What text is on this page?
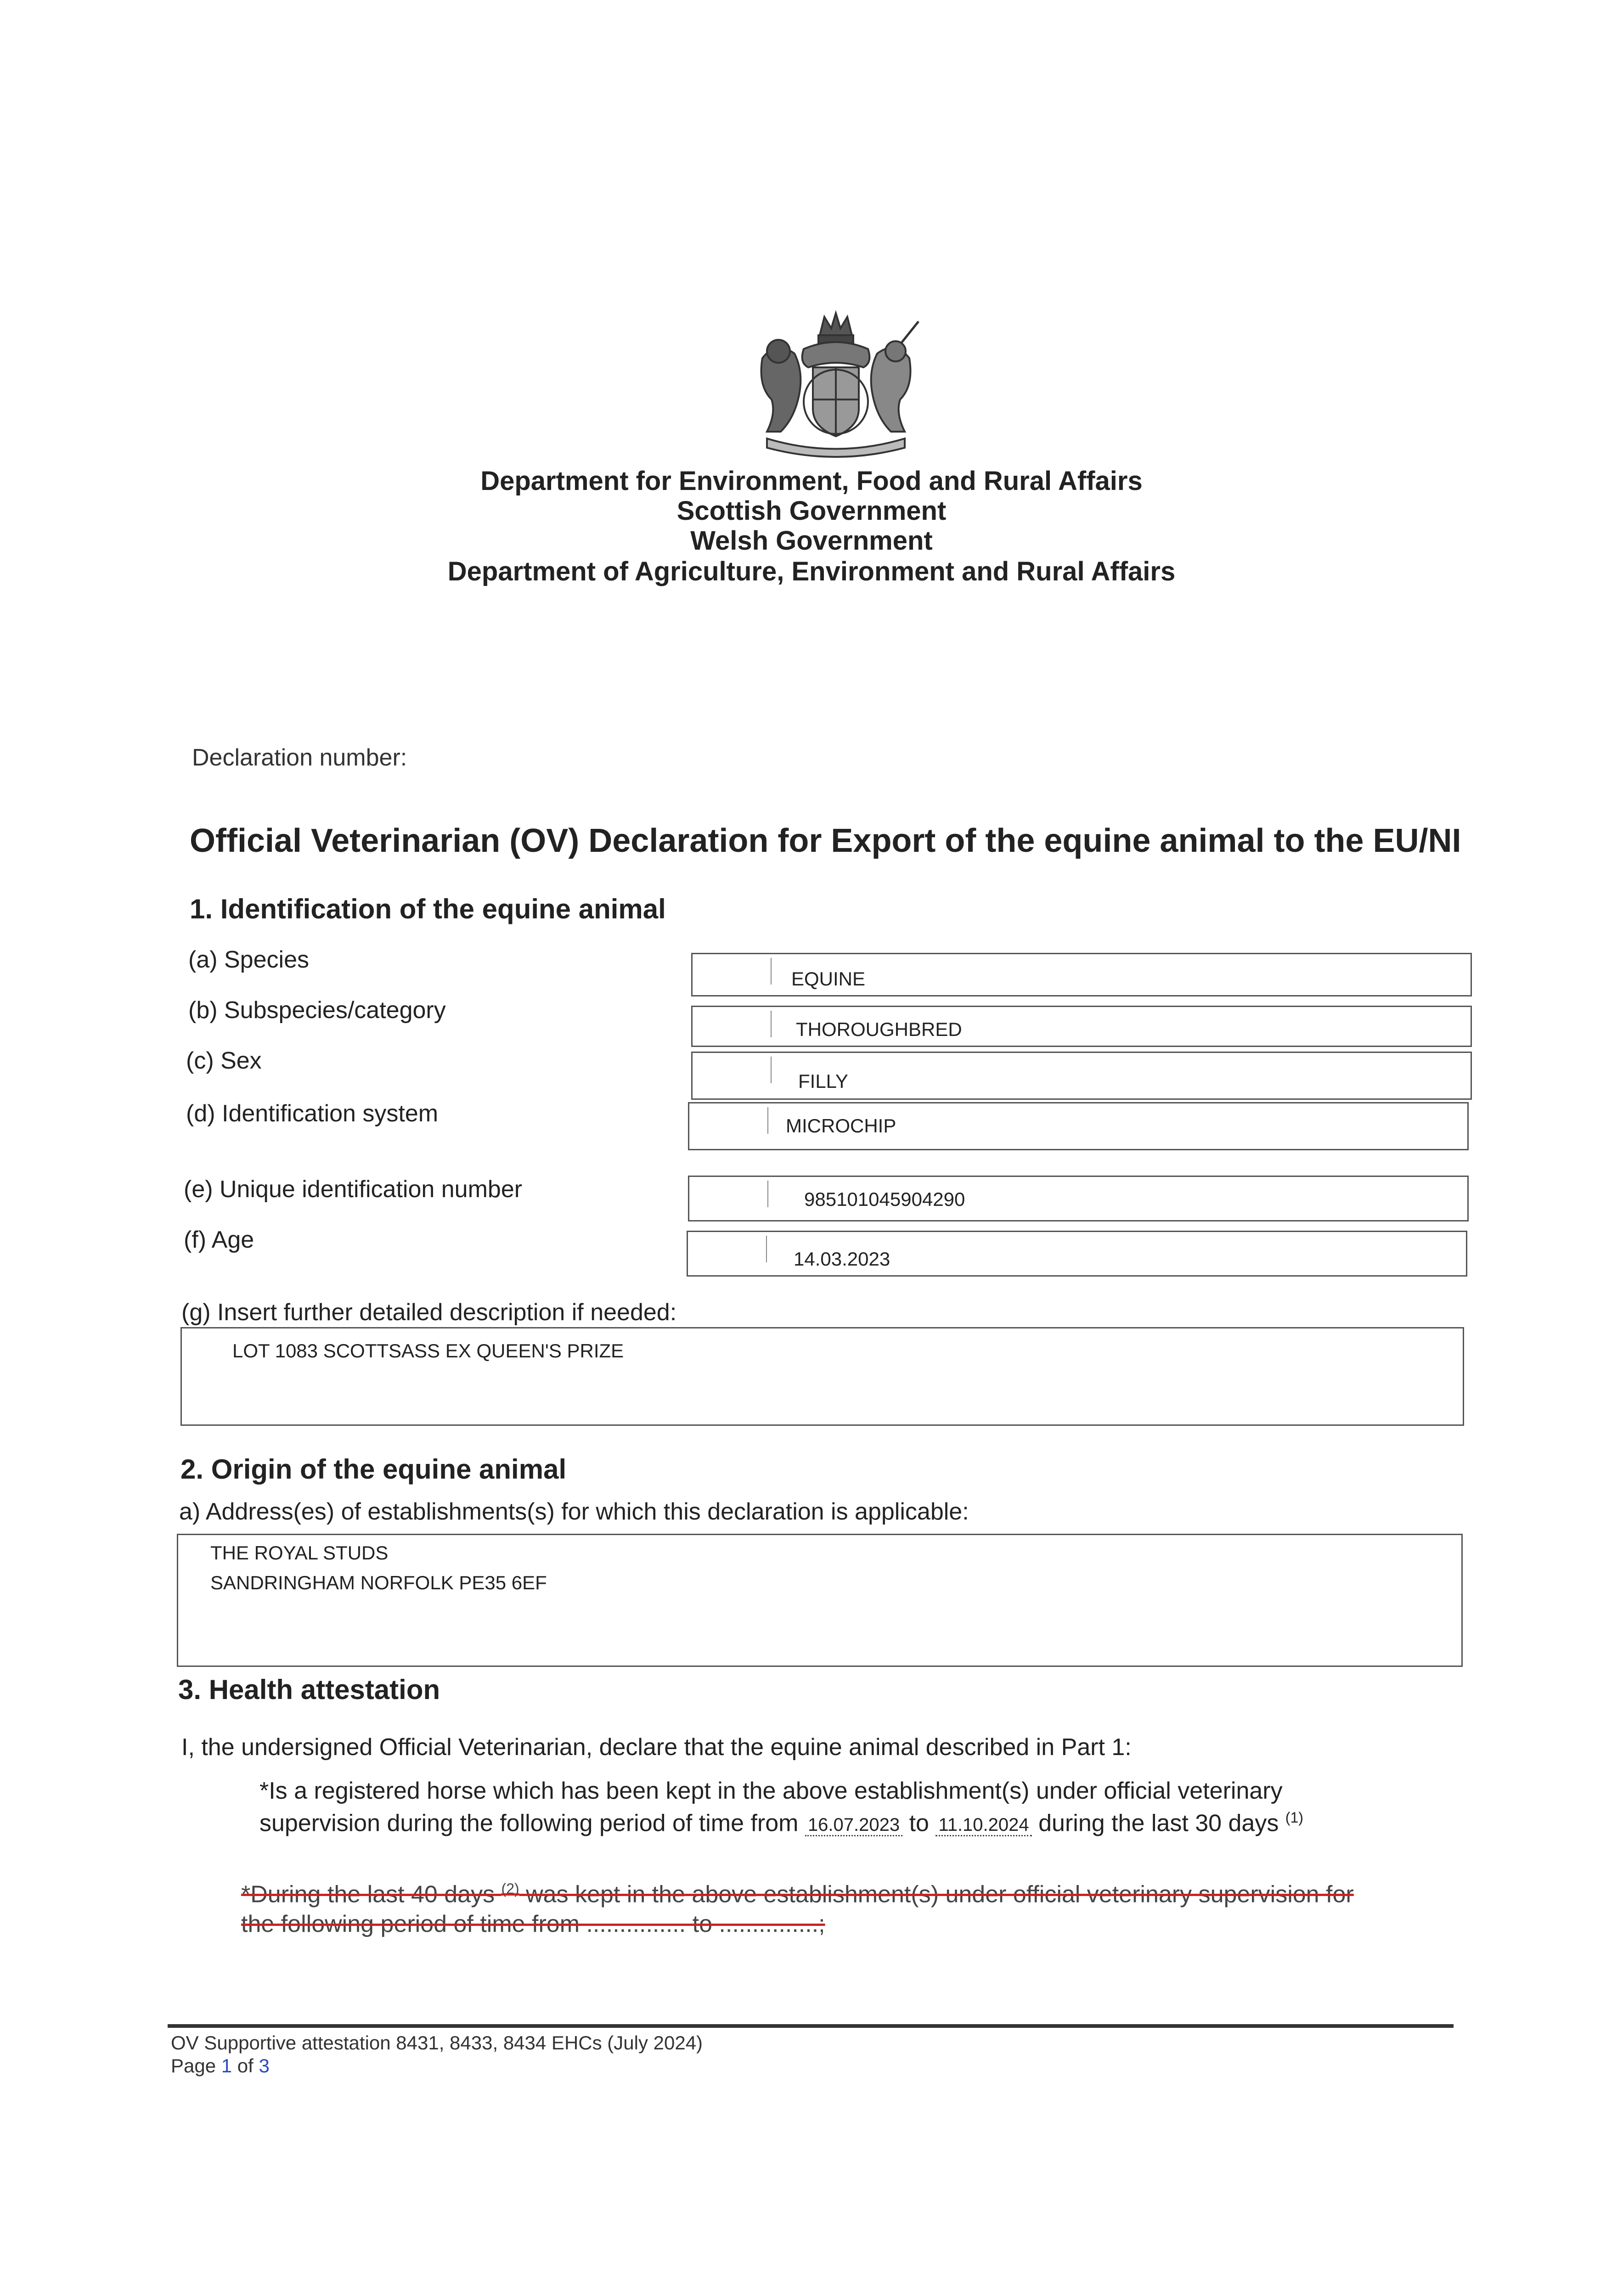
Department for Environment, Food and Rural Affairs
Scottish Government
Welsh Government
Department of Agriculture, Environment and Rural Affairs
Declaration number:
Official Veterinarian (OV) Declaration for Export of the equine animal to the EU/NI
1. Identification of the equine animal
(a) Species
EQUINE
(b) Subspecies/category
THOROUGHBRED
(c) Sex
FILLY
(d) Identification system	MICROCHIP
(e) Unique identification number	985101045904290
(f) Age
14.03.2023
(g) Insert further detailed description if needed:
LOT 1083 SCOTTSASS EX QUEEN'S PRIZE
2. Origin of the equine animal
a) Address(es) of establishments(s) for which this declaration is applicable:
THE ROYAL STUDS
SANDRINGHAM NORFOLK PE35 6EF
3. Health attestation
I, the undersigned Official Veterinarian, declare that the equine animal described in Part 1:
*Is a registered horse which has been kept in the above establishment(s) under official veterinary
supervision during the following period of time from 16.07.2023 to 11.10.2024 during the last 30 days $^{(1)}$
*During the last 40 days $^{(2)}$ was kept in the above establishment(s) under official veterinary supervision for
the following period of time from ............... to ...............;
OV Supportive attestation 8431, 8433, 8434 EHCs (July 2024)
Page 1 of 3
